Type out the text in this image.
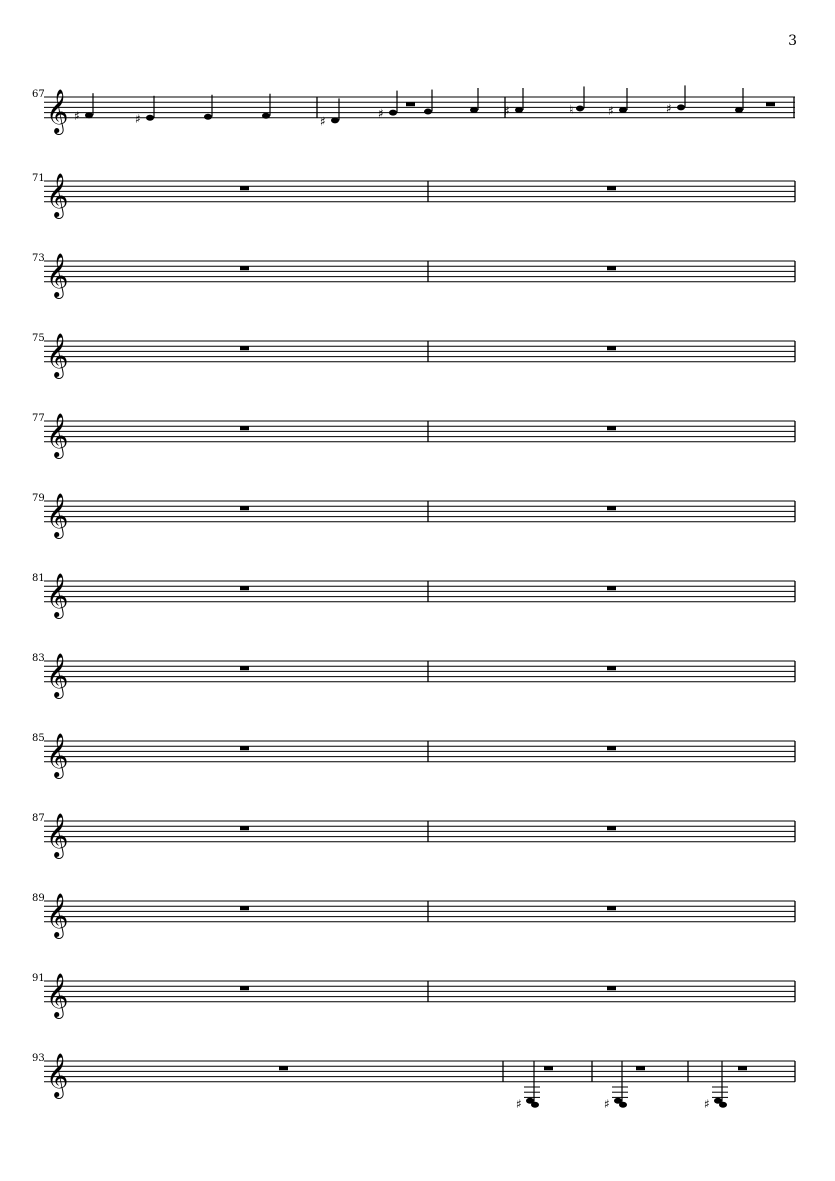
3
67 𝄞 ♯	♯	♯
♯	♯	♮	♯	♯
71 𝄞
73 𝄞
75 𝄞
77 𝄞
79 𝄞
81 𝄞
83 𝄞
85 𝄞
87 𝄞
89 𝄞
91 𝄞
93 𝄞
♯	♯	♯
